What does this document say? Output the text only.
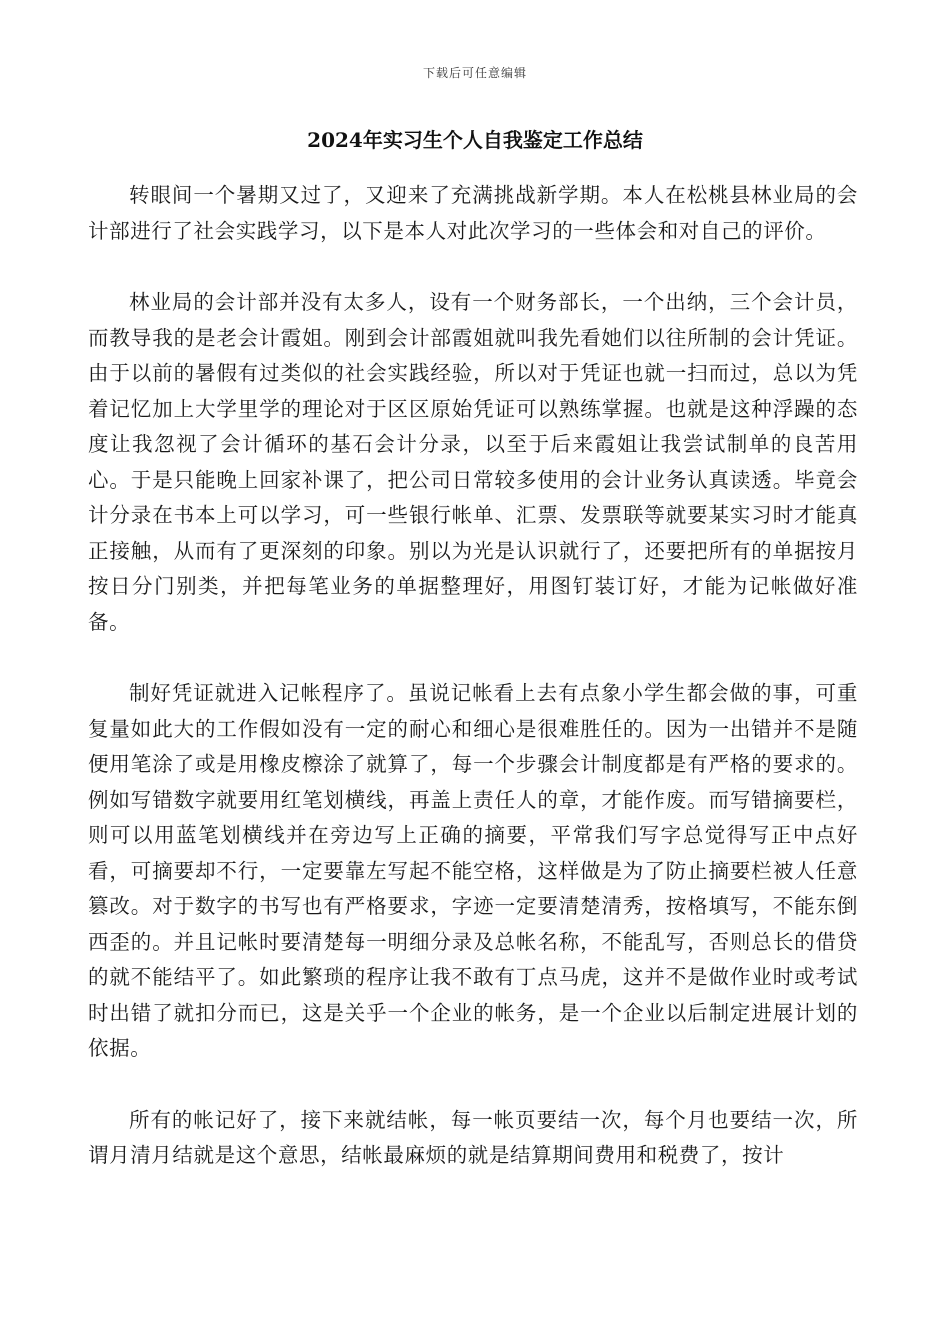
下载后可任意编辑
2024年实习生个人自我鉴定工作总结

转眼间一个暑期又过了，又迎来了充满挑战新学期。本人在松桃县林业局的会计部进行了社会实践学习，以下是本人对此次学习的一些体会和对自己的评价。

林业局的会计部并没有太多人，设有一个财务部长，一个出纳，三个会计员，而教导我的是老会计霞姐。刚到会计部霞姐就叫我先看她们以往所制的会计凭证。由于以前的暑假有过类似的社会实践经验，所以对于凭证也就一扫而过，总以为凭着记忆加上大学里学的理论对于区区原始凭证可以熟练掌握。也就是这种浮躁的态度让我忽视了会计循环的基石会计分录，以至于后来霞姐让我尝试制单的良苦用心。于是只能晚上回家补课了，把公司日常较多使用的会计业务认真读透。毕竟会计分录在书本上可以学习，可一些银行帐单、汇票、发票联等就要某实习时才能真正接触，从而有了更深刻的印象。别以为光是认识就行了，还要把所有的单据按月按日分门别类，并把每笔业务的单据整理好，用图钉装订好，才能为记帐做好准备。

制好凭证就进入记帐程序了。虽说记帐看上去有点象小学生都会做的事，可重复量如此大的工作假如没有一定的耐心和细心是很难胜任的。因为一出错并不是随便用笔涂了或是用橡皮檫涂了就算了，每一个步骤会计制度都是有严格的要求的。例如写错数字就要用红笔划横线，再盖上责任人的章，才能作废。而写错摘要栏，则可以用蓝笔划横线并在旁边写上正确的摘要，平常我们写字总觉得写正中点好看，可摘要却不行，一定要靠左写起不能空格，这样做是为了防止摘要栏被人任意篡改。对于数字的书写也有严格要求，字迹一定要清楚清秀，按格填写，不能东倒西歪的。并且记帐时要清楚每一明细分录及总帐名称，不能乱写，否则总长的借贷的就不能结平了。如此繁琐的程序让我不敢有丁点马虎，这并不是做作业时或考试时出错了就扣分而已，这是关乎一个企业的帐务，是一个企业以后制定进展计划的依据。

所有的帐记好了，接下来就结帐，每一帐页要结一次，每个月也要结一次，所谓月清月结就是这个意思，结帐最麻烦的就是结算期间费用和税费了，按计
